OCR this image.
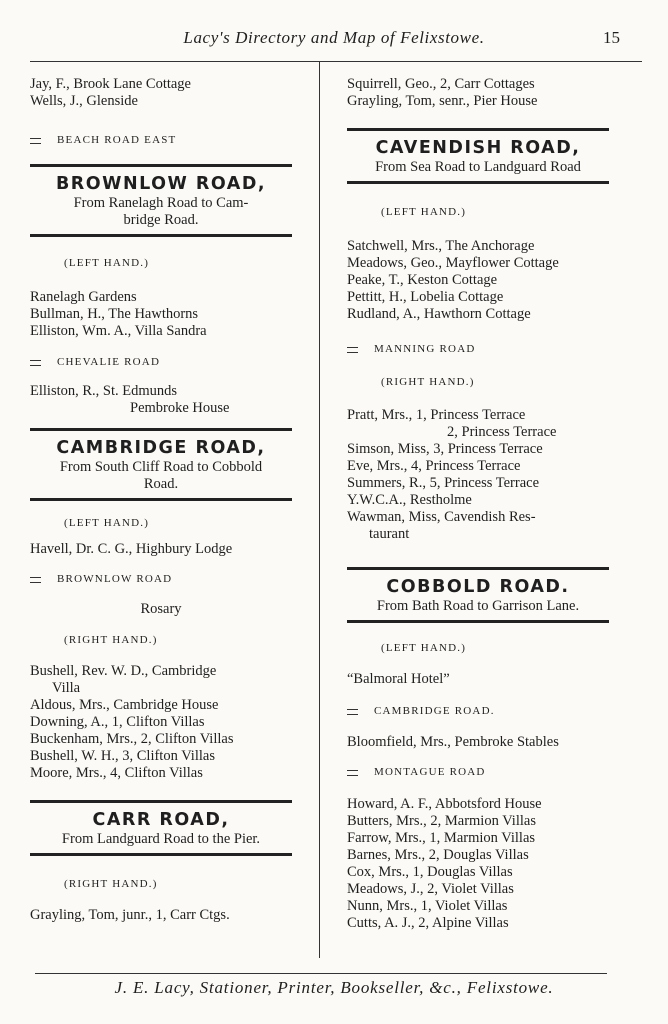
Lacy's Directory and Map of Felixstowe.	15
Jay, F., Brook Lane Cottage
Wells, J., Glenside
BEACH ROAD EAST
BROWNLOW ROAD,
From Ranelagh Road to Cam-
bridge Road.
(LEFT HAND.)
Ranelagh Gardens
Bullman, H., The Hawthorns
Elliston, Wm. A., Villa Sandra
CHEVALIE ROAD
Elliston, R., St. Edmunds
Pembroke House
CAMBRIDGE ROAD,
From South Cliff Road to Cobbold
Road.
(LEFT HAND.)
Havell, Dr. C. G., Highbury Lodge
BROWNLOW ROAD
Rosary
(RIGHT HAND.)
Bushell, Rev. W. D., Cambridge
Villa
Aldous, Mrs., Cambridge House
Downing, A., 1, Clifton Villas
Buckenham, Mrs., 2, Clifton Villas
Bushell, W. H., 3, Clifton Villas
Moore, Mrs., 4, Clifton Villas
CARR ROAD,
From Landguard Road to the Pier.
(RIGHT HAND.)
Grayling, Tom, junr., 1, Carr Ctgs.
Squirrell, Geo., 2, Carr Cottages
Grayling, Tom, senr., Pier House
CAVENDISH ROAD,
From Sea Road to Landguard Road
(LEFT HAND.)
Satchwell, Mrs., The Anchorage
Meadows, Geo., Mayflower Cottage
Peake, T., Keston Cottage
Pettitt, H., Lobelia Cottage
Rudland, A., Hawthorn Cottage
MANNING ROAD
(RIGHT HAND.)
Pratt, Mrs., 1, Princess Terrace
2, Princess Terrace
Simson, Miss, 3, Princess Terrace
Eve, Mrs., 4, Princess Terrace
Summers, R., 5, Princess Terrace
Y.W.C.A., Restholme
Wawman, Miss, Cavendish Res-
taurant
COBBOLD ROAD.
From Bath Road to Garrison Lane.
(LEFT HAND.)
“Balmoral Hotel”
CAMBRIDGE ROAD.
Bloomfield, Mrs., Pembroke Stables
MONTAGUE ROAD
Howard, A. F., Abbotsford House
Butters, Mrs., 2, Marmion Villas
Farrow, Mrs., 1, Marmion Villas
Barnes, Mrs., 2, Douglas Villas
Cox, Mrs., 1, Douglas Villas
Meadows, J., 2, Violet Villas
Nunn, Mrs., 1, Violet Villas
Cutts, A. J., 2, Alpine Villas
J. E. Lacy, Stationer, Printer, Bookseller, &c., Felixstowe.
